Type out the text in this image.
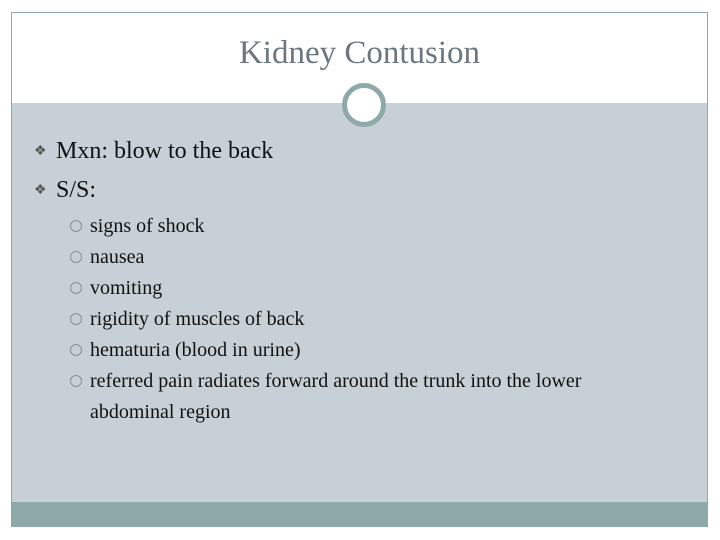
Kidney Contusion
❖ Mxn: blow to the back
❖ S/S:
signs of shock
nausea
vomiting
rigidity of muscles of back
hematuria (blood in urine)
referred pain radiates forward around the trunk into the lower abdominal region
